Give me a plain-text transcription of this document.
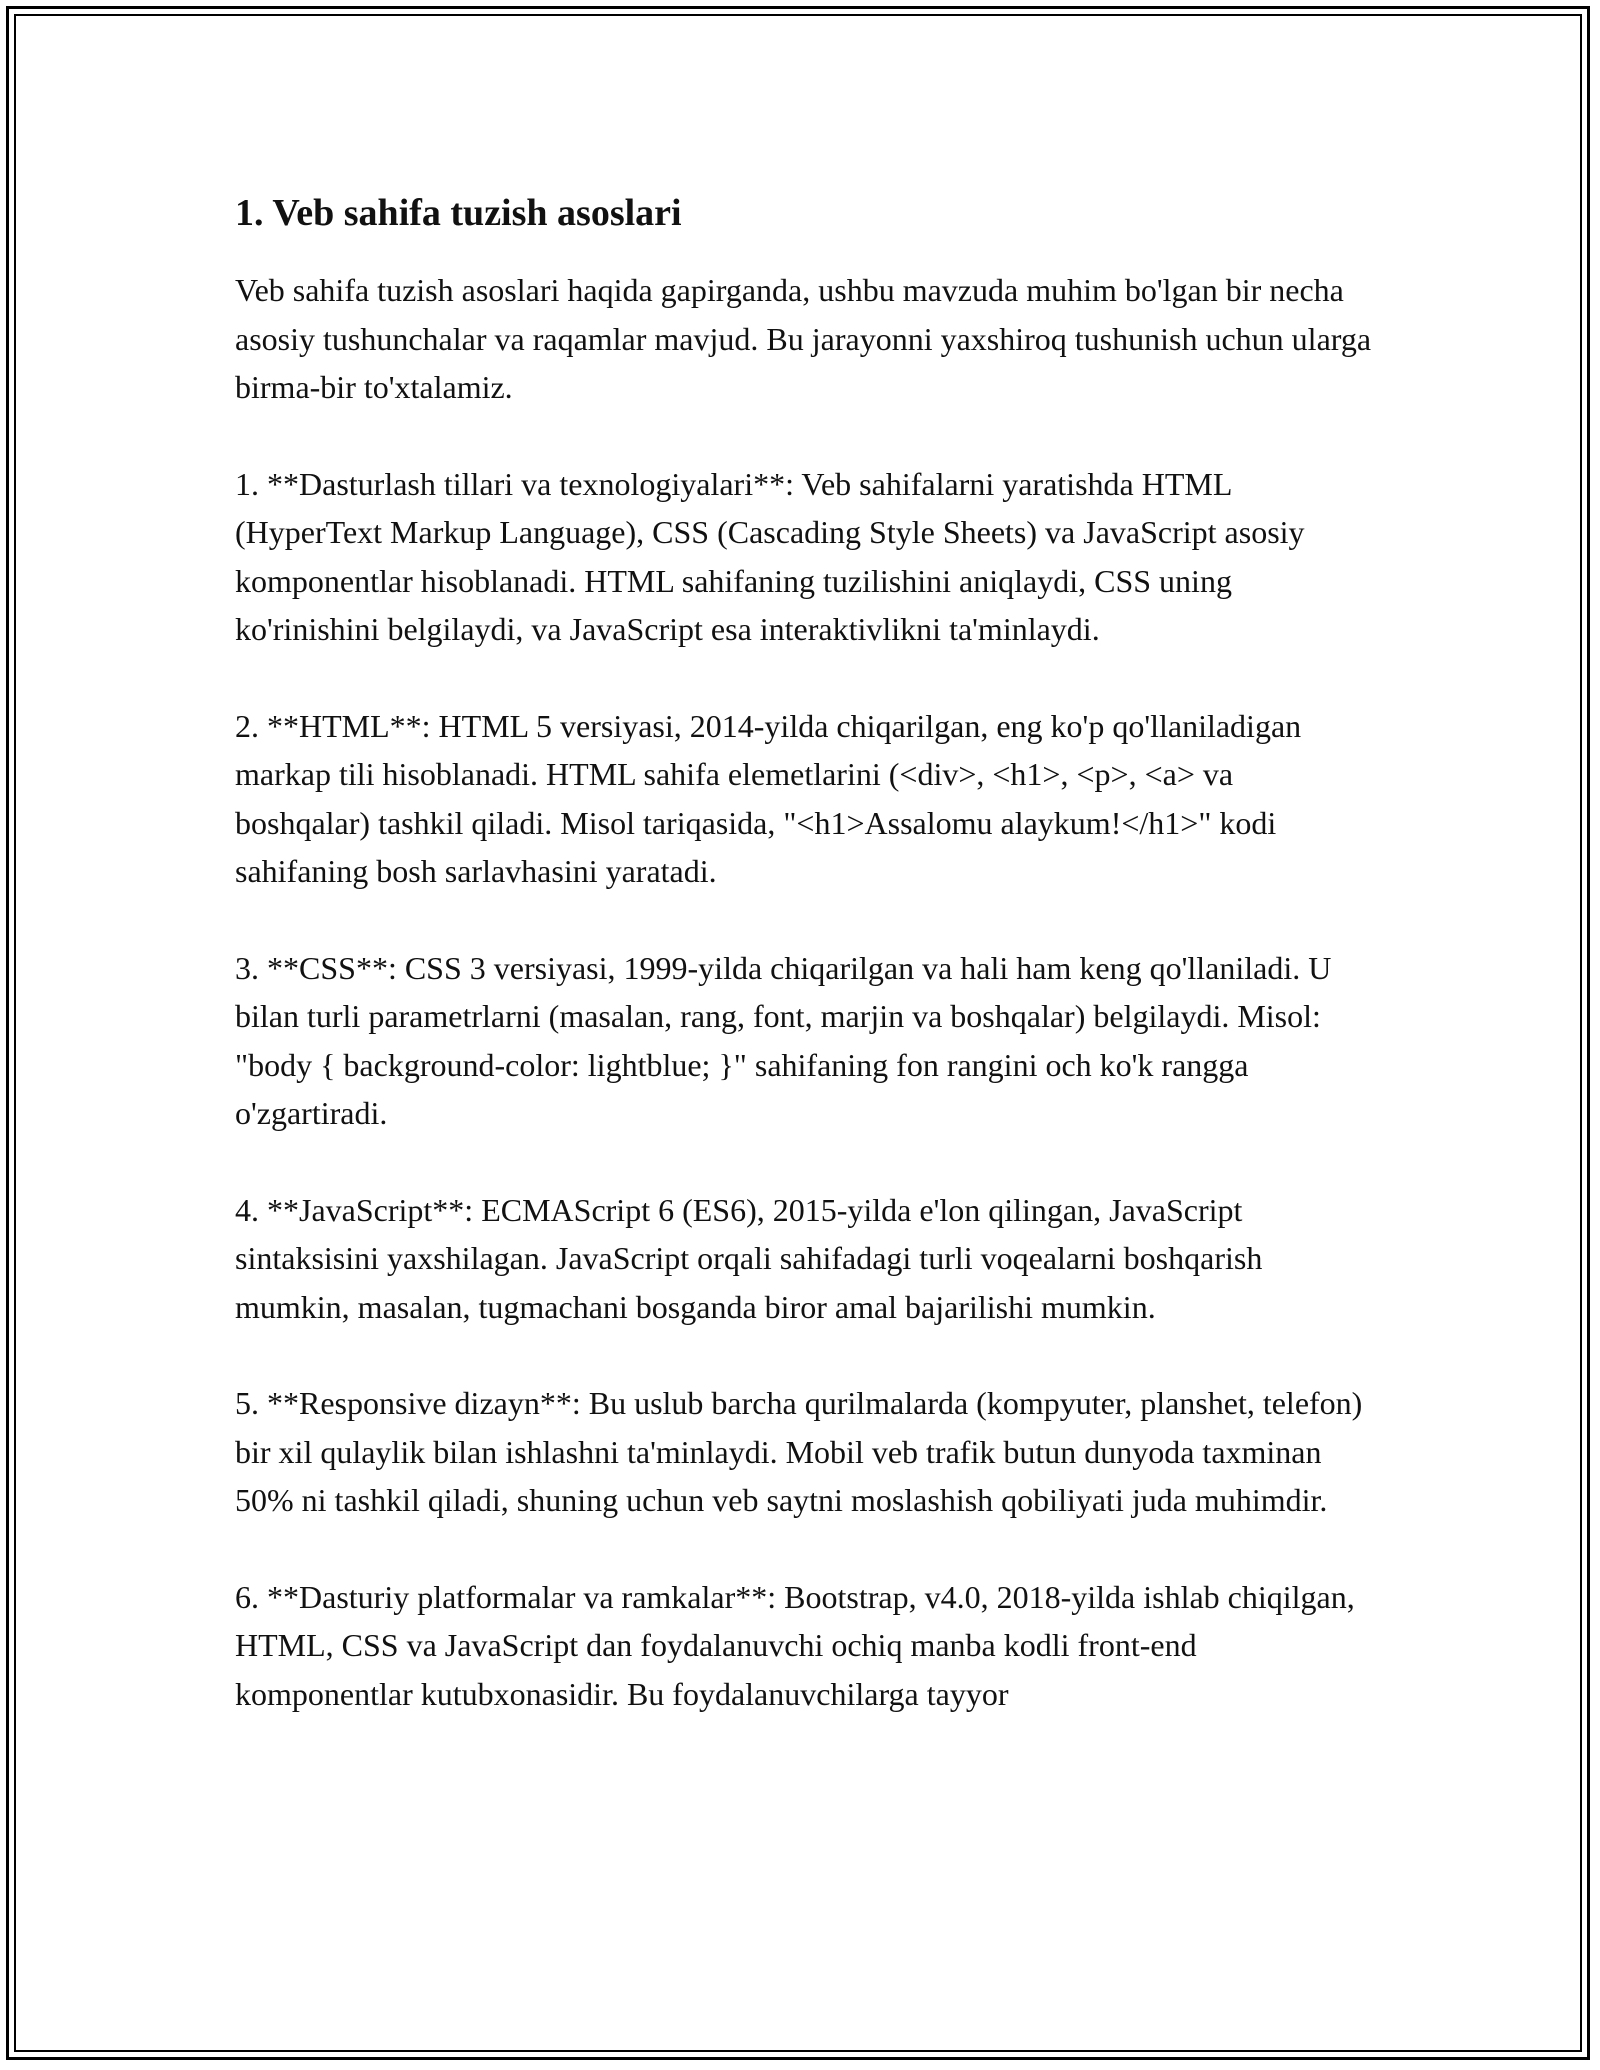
1. Veb sahifa tuzish asoslari

Veb sahifa tuzish asoslari haqida gapirganda, ushbu mavzuda muhim bo'lgan bir necha asosiy tushunchalar va raqamlar mavjud. Bu jarayonni yaxshiroq tushunish uchun ularga birma-bir to'xtalamiz.

1. **Dasturlash tillari va texnologiyalari**: Veb sahifalarni yaratishda HTML (HyperText Markup Language), CSS (Cascading Style Sheets) va JavaScript asosiy komponentlar hisoblanadi. HTML sahifaning tuzilishini aniqlaydi, CSS uning ko'rinishini belgilaydi, va JavaScript esa interaktivlikni ta'minlaydi.

2. **HTML**: HTML 5 versiyasi, 2014-yilda chiqarilgan, eng ko'p qo'llaniladigan markap tili hisoblanadi. HTML sahifa elemetlarini (<div>, <h1>, <p>, <a> va boshqalar) tashkil qiladi. Misol tariqasida, "<h1>Assalomu alaykum!</h1>" kodi sahifaning bosh sarlavhasini yaratadi.

3. **CSS**: CSS 3 versiyasi, 1999-yilda chiqarilgan va hali ham keng qo'llaniladi. U bilan turli parametrlarni (masalan, rang, font, marjin va boshqalar) belgilaydi. Misol: "body { background-color: lightblue; }" sahifaning fon rangini och ko'k rangga o'zgartiradi.

4. **JavaScript**: ECMAScript 6 (ES6), 2015-yilda e'lon qilingan, JavaScript sintaksisini yaxshilagan. JavaScript orqali sahifadagi turli voqealarni boshqarish mumkin, masalan, tugmachani bosganda biror amal bajarilishi mumkin.

5. **Responsive dizayn**: Bu uslub barcha qurilmalarda (kompyuter, planshet, telefon) bir xil qulaylik bilan ishlashni ta'minlaydi. Mobil veb trafik butun dunyoda taxminan 50% ni tashkil qiladi, shuning uchun veb saytni moslashish qobiliyati juda muhimdir.

6. **Dasturiy platformalar va ramkalar**: Bootstrap, v4.0, 2018-yilda ishlab chiqilgan, HTML, CSS va JavaScript dan foydalanuvchi ochiq manba kodli front-end komponentlar kutubxonasidir. Bu foydalanuvchilarga tayyor
